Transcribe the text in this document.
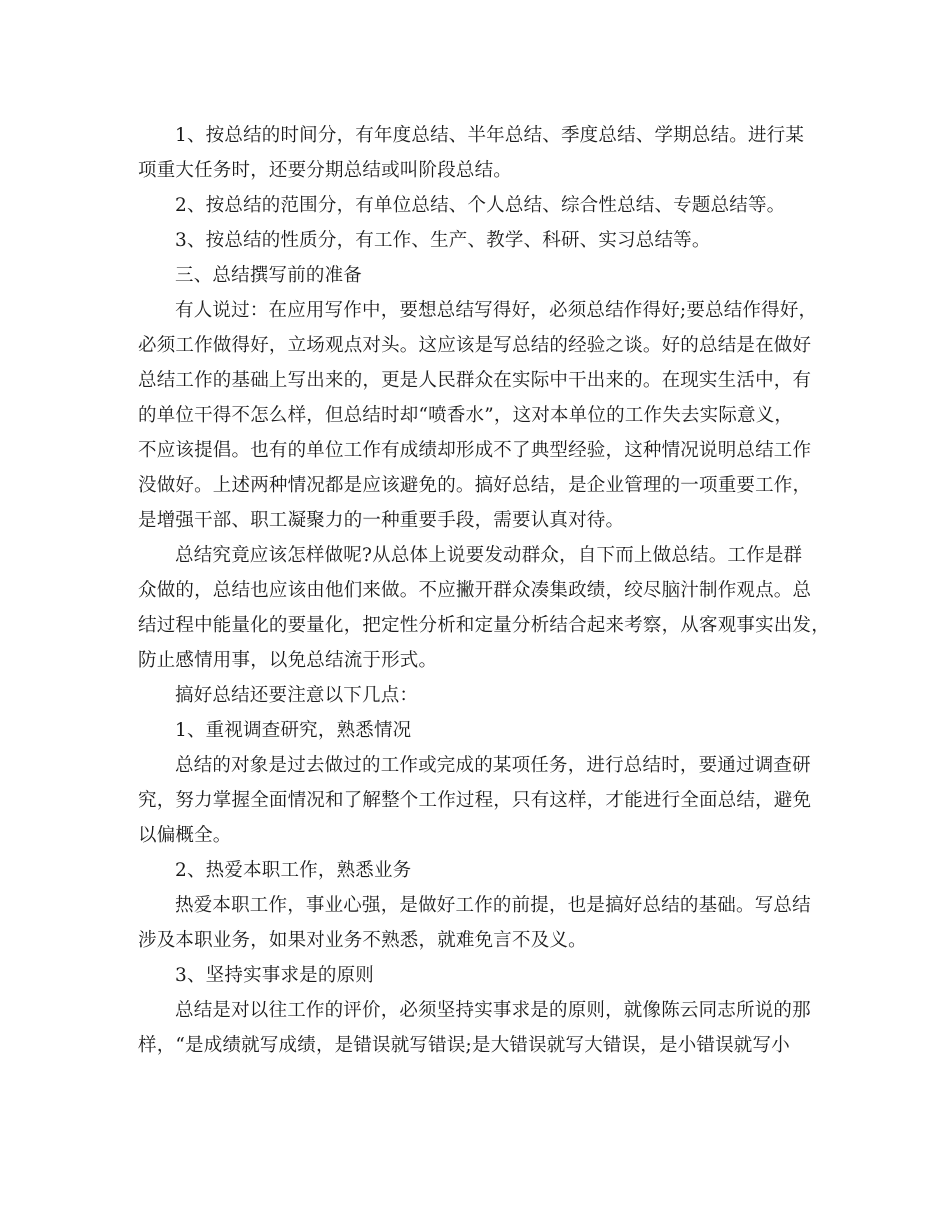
1、按总结的时间分，有年度总结、半年总结、季度总结、学期总结。进行某
项重大任务时，还要分期总结或叫阶段总结。
2、按总结的范围分，有单位总结、个人总结、综合性总结、专题总结等。
3、按总结的性质分，有工作、生产、教学、科研、实习总结等。
三、总结撰写前的准备
有人说过：在应用写作中，要想总结写得好，必须总结作得好;要总结作得好，
必须工作做得好，立场观点对头。这应该是写总结的经验之谈。好的总结是在做好
总结工作的基础上写出来的，更是人民群众在实际中干出来的。在现实生活中，有
的单位干得不怎么样，但总结时却“喷香水”，这对本单位的工作失去实际意义，
不应该提倡。也有的单位工作有成绩却形成不了典型经验，这种情况说明总结工作
没做好。上述两种情况都是应该避免的。搞好总结，是企业管理的一项重要工作，
是增强干部、职工凝聚力的一种重要手段，需要认真对待。
总结究竟应该怎样做呢?从总体上说要发动群众，自下而上做总结。工作是群
众做的，总结也应该由他们来做。不应撇开群众凑集政绩，绞尽脑汁制作观点。总
结过程中能量化的要量化，把定性分析和定量分析结合起来考察，从客观事实出发，
防止感情用事，以免总结流于形式。
搞好总结还要注意以下几点：
1、重视调查研究，熟悉情况
总结的对象是过去做过的工作或完成的某项任务，进行总结时，要通过调查研
究，努力掌握全面情况和了解整个工作过程，只有这样，才能进行全面总结，避免
以偏概全。
2、热爱本职工作，熟悉业务
热爱本职工作，事业心强，是做好工作的前提，也是搞好总结的基础。写总结
涉及本职业务，如果对业务不熟悉，就难免言不及义。
3、坚持实事求是的原则
总结是对以往工作的评价，必须坚持实事求是的原则，就像陈云同志所说的那
样，“是成绩就写成绩，是错误就写错误;是大错误就写大错误，是小错误就写小
